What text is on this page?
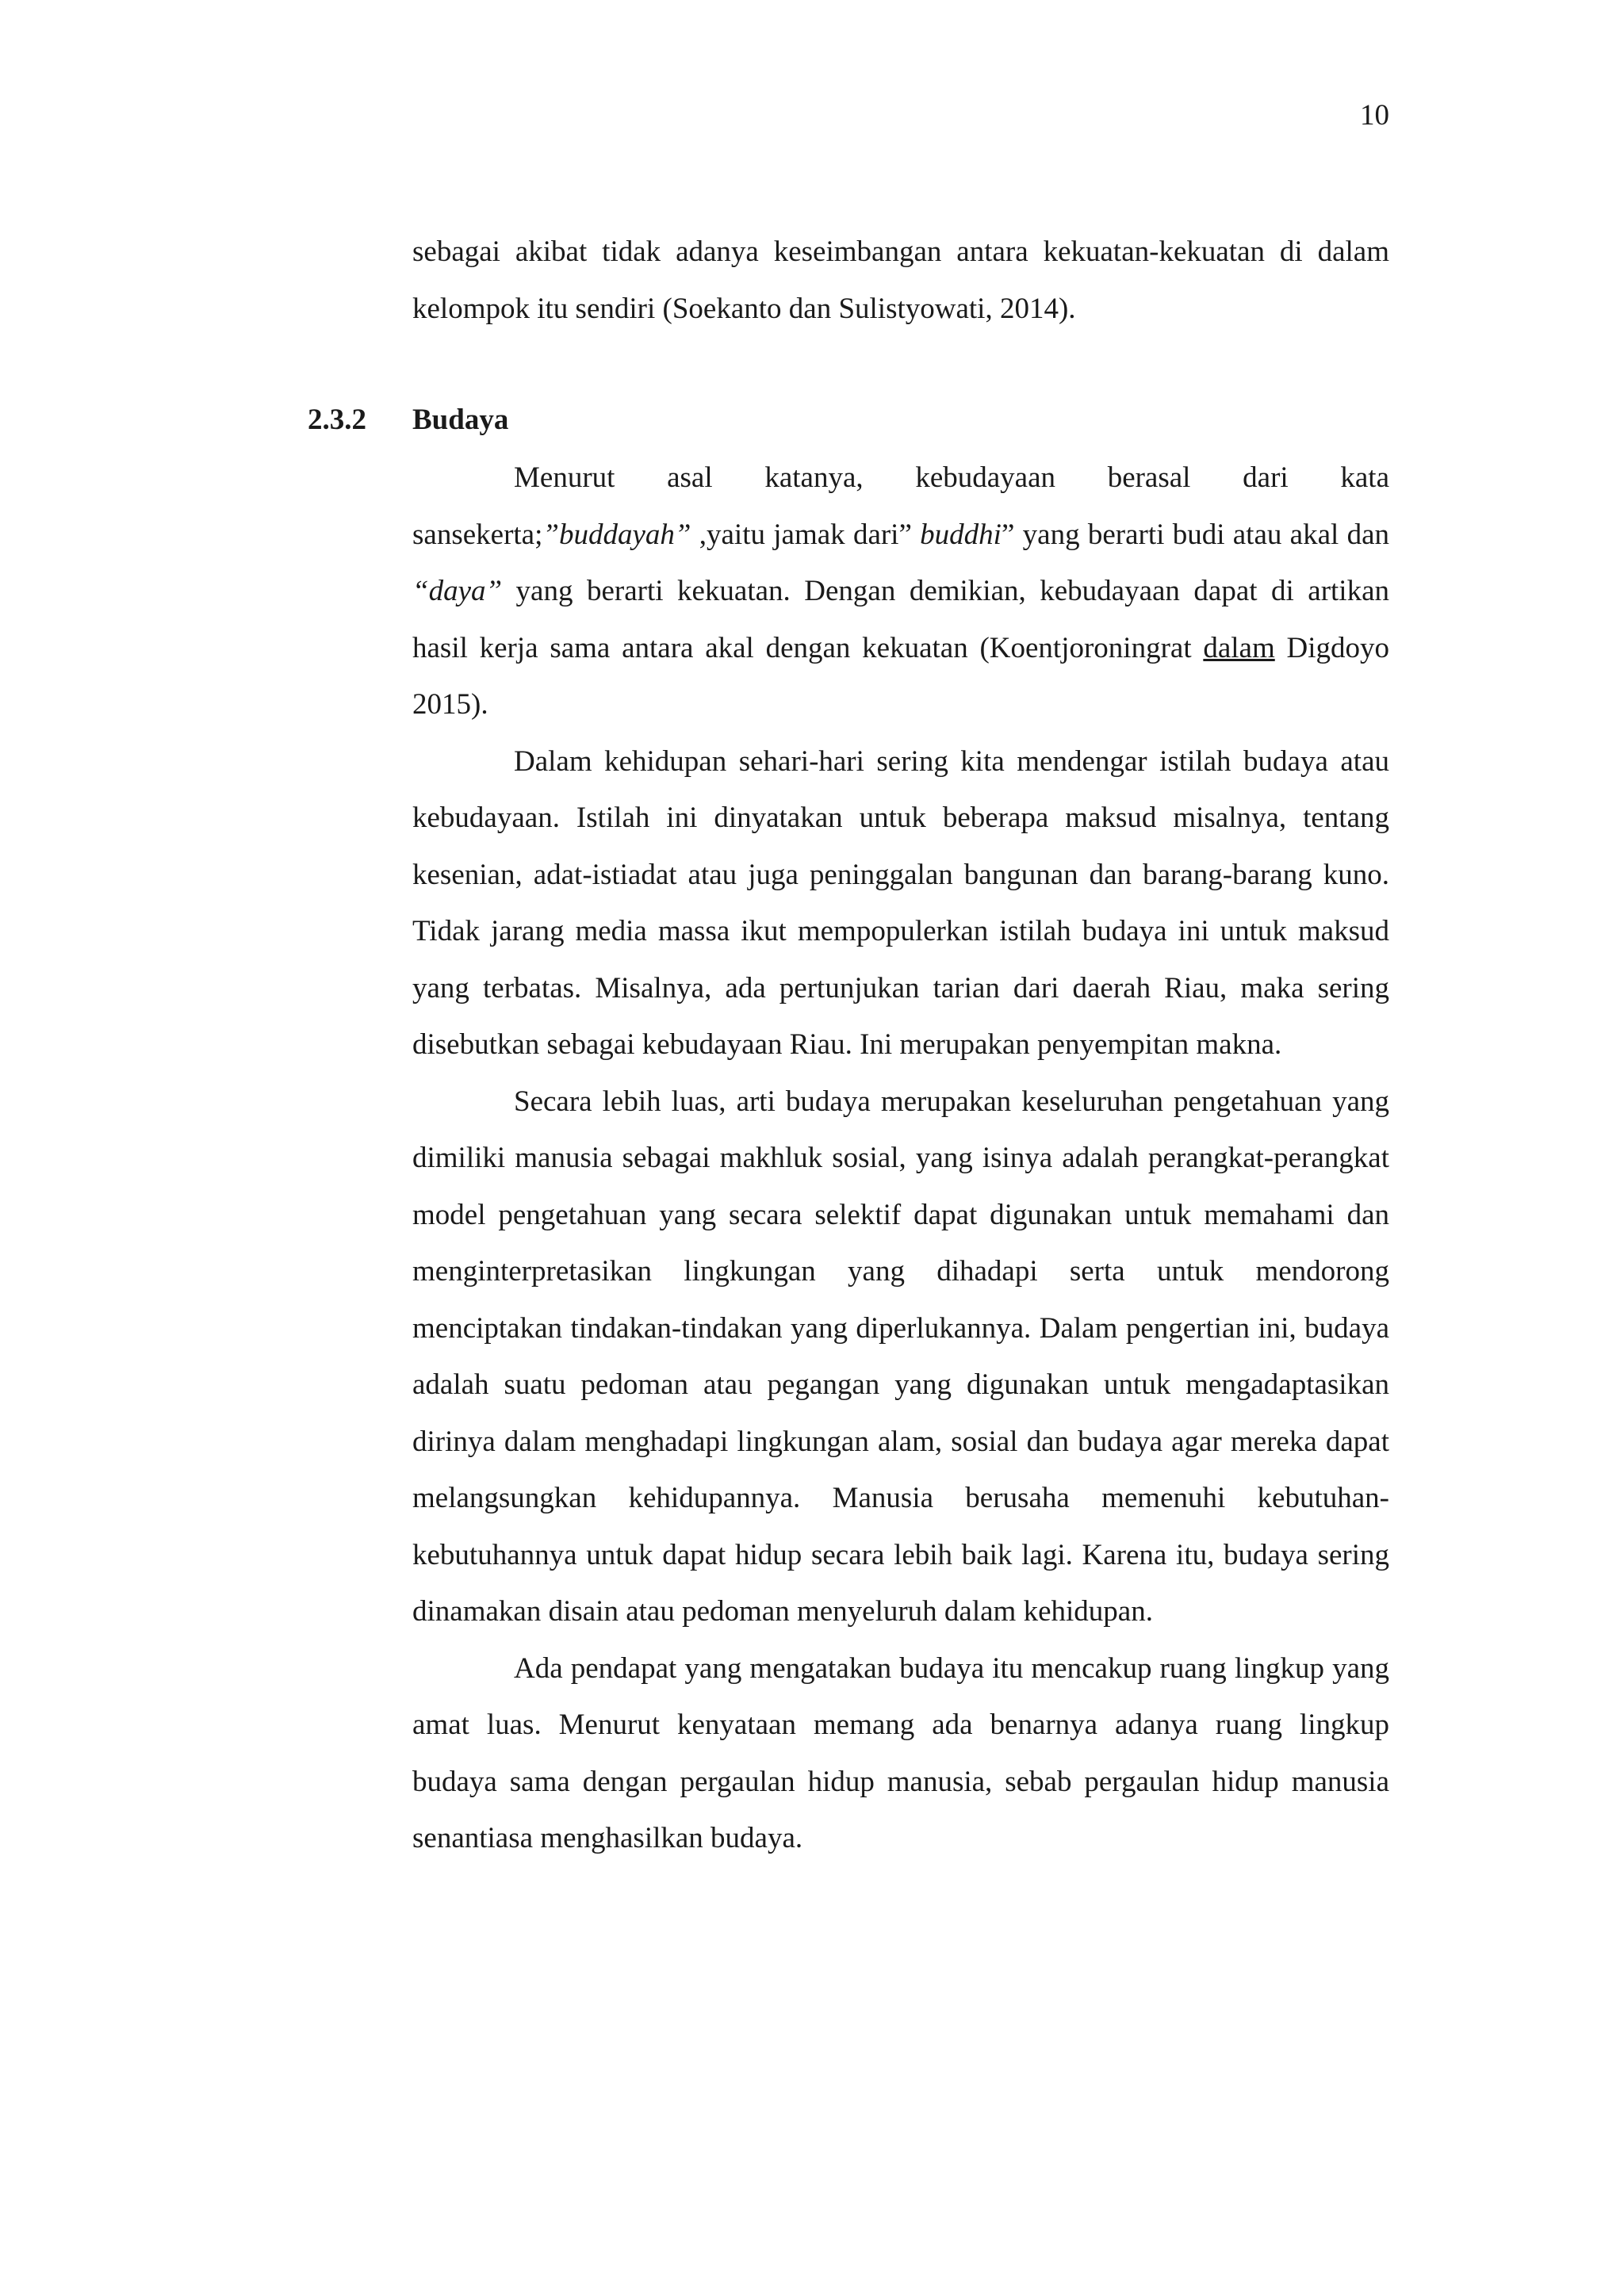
10

sebagai akibat tidak adanya keseimbangan antara kekuatan-kekuatan di dalam kelompok itu sendiri (Soekanto dan Sulistyowati, 2014).

2.3.2 Budaya

Menurut asal katanya, kebudayaan berasal dari kata sansekerta;”buddayah” ,yaitu jamak dari” buddhi” yang berarti budi atau akal dan “daya” yang berarti kekuatan. Dengan demikian, kebudayaan dapat di artikan hasil kerja sama antara akal dengan kekuatan (Koentjoroningrat dalam Digdoyo 2015).

Dalam kehidupan sehari-hari sering kita mendengar istilah budaya atau kebudayaan. Istilah ini dinyatakan untuk beberapa maksud misalnya, tentang kesenian, adat-istiadat atau juga peninggalan bangunan dan barang-barang kuno. Tidak jarang media massa ikut mempopulerkan istilah budaya ini untuk maksud yang terbatas. Misalnya, ada pertunjukan tarian dari daerah Riau, maka sering disebutkan sebagai kebudayaan Riau. Ini merupakan penyempitan makna.

Secara lebih luas, arti budaya merupakan keseluruhan pengetahuan yang dimiliki manusia sebagai makhluk sosial, yang isinya adalah perangkat-perangkat model pengetahuan yang secara selektif dapat digunakan untuk memahami dan menginterpretasikan lingkungan yang dihadapi serta untuk mendorong menciptakan tindakan-tindakan yang diperlukannya. Dalam pengertian ini, budaya adalah suatu pedoman atau pegangan yang digunakan untuk mengadaptasikan dirinya dalam menghadapi lingkungan alam, sosial dan budaya agar mereka dapat melangsungkan kehidupannya. Manusia berusaha memenuhi kebutuhan-kebutuhannya untuk dapat hidup secara lebih baik lagi. Karena itu, budaya sering dinamakan disain atau pedoman menyeluruh dalam kehidupan.

Ada pendapat yang mengatakan budaya itu mencakup ruang lingkup yang amat luas. Menurut kenyataan memang ada benarnya adanya ruang lingkup budaya sama dengan pergaulan hidup manusia, sebab pergaulan hidup manusia senantiasa menghasilkan budaya.
